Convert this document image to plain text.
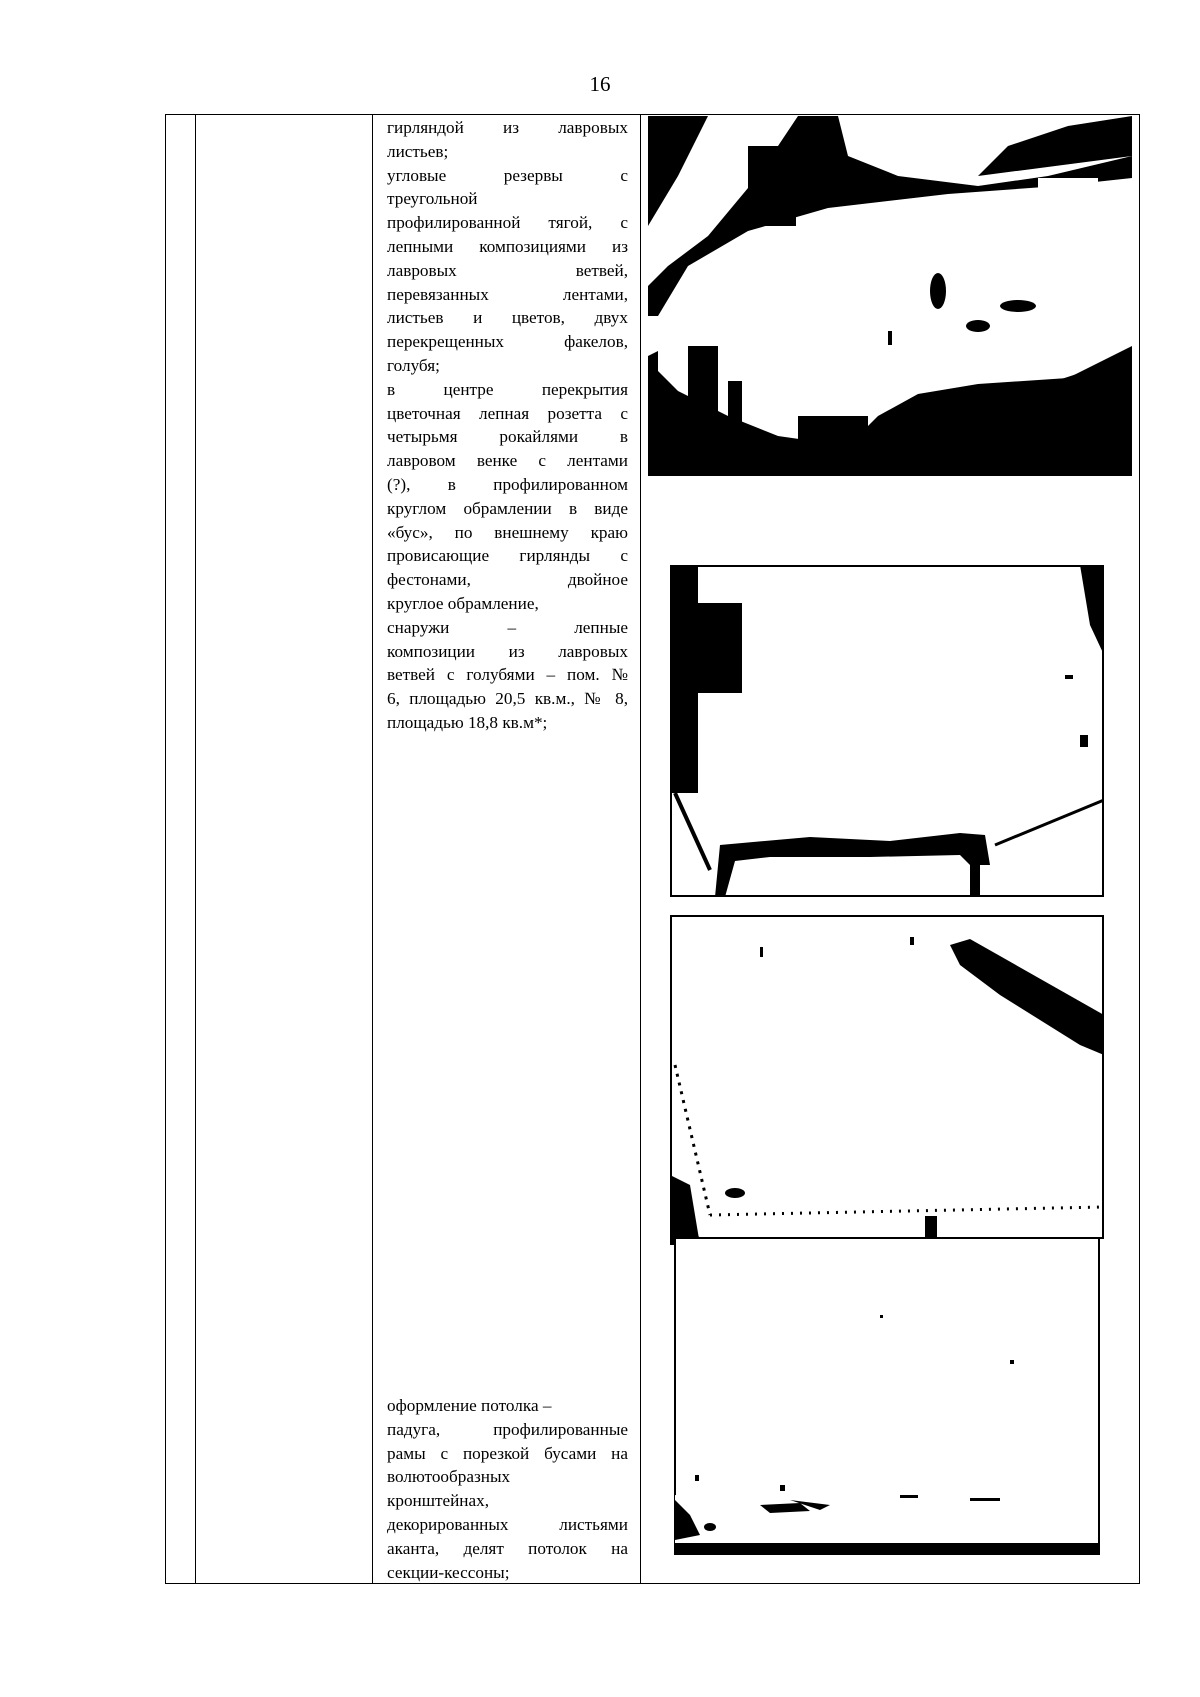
16
гирляндой из лавровых
листьев;
угловые резервы с
треугольной
профилированной тягой, с
лепными композициями из
лавровых ветвей,
перевязанных лентами,
листьев и цветов, двух
перекрещенных факелов,
голубя;
в центре перекрытия
цветочная лепная розетта с
четырьмя рокайлями в
лавровом венке с лентами
(?), в профилированном
круглом обрамлении в виде
«бус», по внешнему краю
провисающие гирлянды с
фестонами, двойное
круглое обрамление,
снаружи – лепные
композиции из лавровых
ветвей с голубями – пом. №
6, площадью 20,5 кв.м., № 8,
площадью 18,8 кв.м*;
оформление потолка –
падуга, профилированные
рамы с порезкой бусами на
волютообразных
кронштейнах,
декорированных листьями
аканта, делят потолок на
секции-кессоны;
